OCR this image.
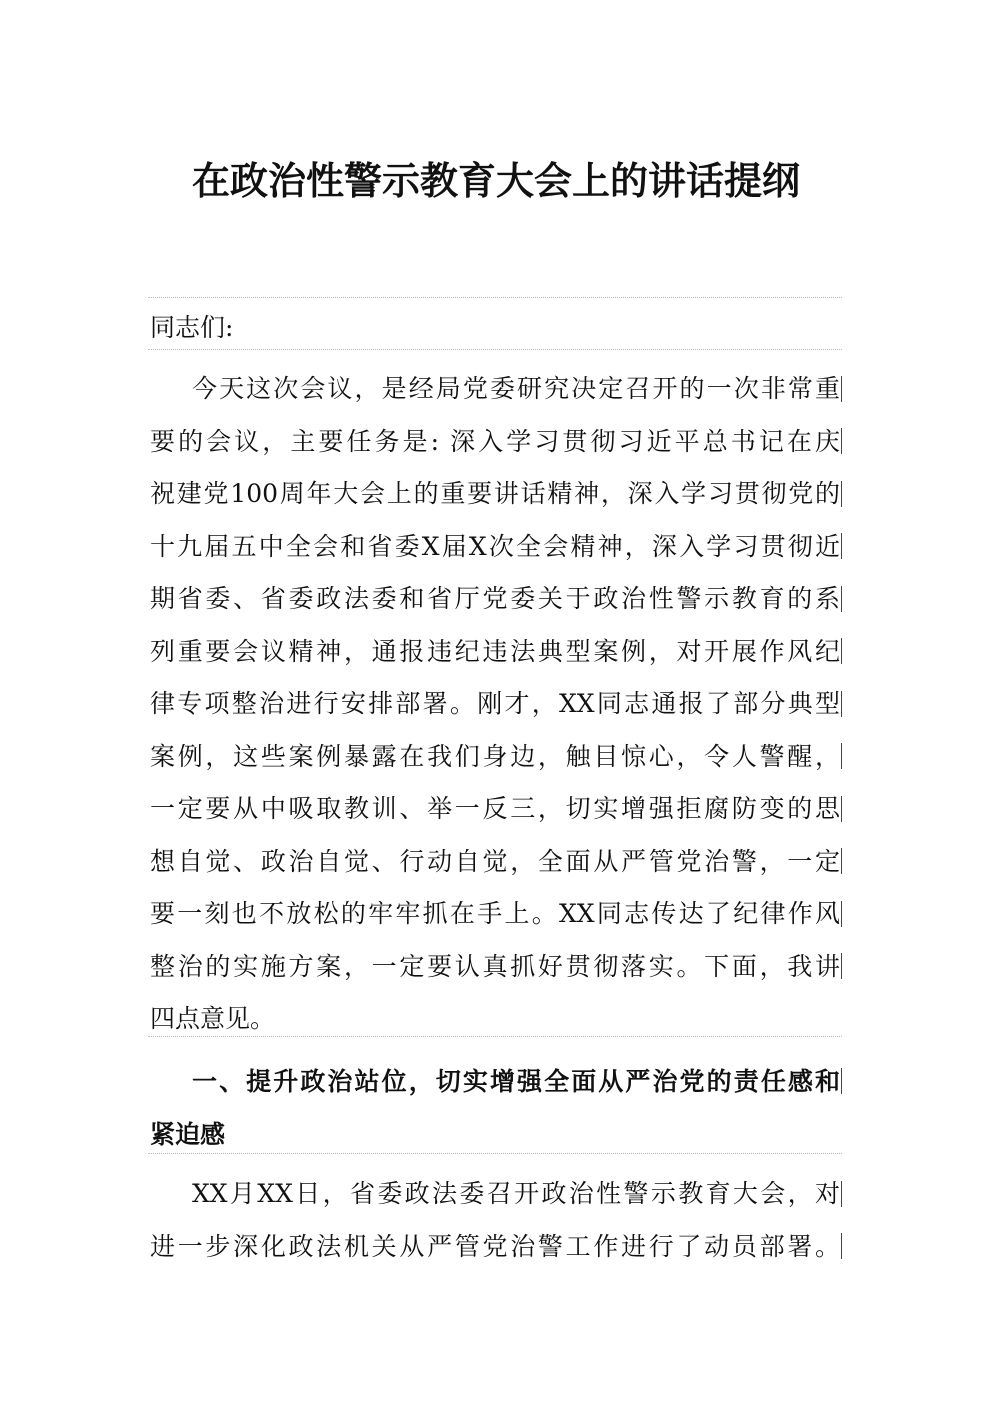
在政治性警示教育大会上的讲话提纲
同志们:
今天这次会议，是经局党委研究决定召开的一次非常重
要的会议，主要任务是: 深入学习贯彻习近平总书记在庆
祝建党100周年大会上的重要讲话精神，深入学习贯彻党的
十九届五中全会和省委X届X次全会精神，深入学习贯彻近
期省委、省委政法委和省厅党委关于政治性警示教育的系
列重要会议精神，通报违纪违法典型案例，对开展作风纪
律专项整治进行安排部署。刚才，XX同志通报了部分典型
案例，这些案例暴露在我们身边，触目惊心，令人警醒，
一定要从中吸取教训、举一反三，切实增强拒腐防变的思
想自觉、政治自觉、行动自觉，全面从严管党治警，一定
要一刻也不放松的牢牢抓在手上。XX同志传达了纪律作风
整治的实施方案，一定要认真抓好贯彻落实。下面，我讲
四点意见。
一、提升政治站位，切实增强全面从严治党的责任感和
紧迫感
XX月XX日，省委政法委召开政治性警示教育大会，对
进一步深化政法机关从严管党治警工作进行了动员部署。
